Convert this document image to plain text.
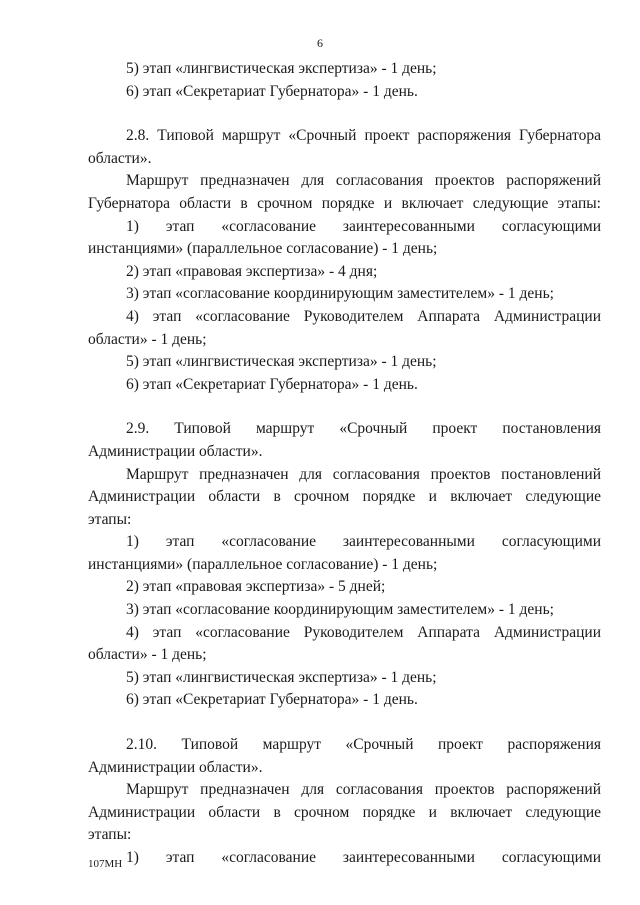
6

5) этап «лингвистическая экспертиза» - 1 день;

6) этап «Секретариат Губернатора» - 1 день.

2.8. Типовой маршрут «Срочный проект распоряжения Губернатора

области».

Маршрут предназначен для согласования проектов распоряжений

Губернатора области в срочном порядке и включает следующие этапы:

1) этап «согласование заинтересованными согласующими

инстанциями» (параллельное согласование) - 1 день;

2) этап «правовая экспертиза» - 4 дня;

3) этап «согласование координирующим заместителем» - 1 день;

4) этап «согласование Руководителем Аппарата Администрации

области» - 1 день;

5) этап «лингвистическая экспертиза» - 1 день;

6) этап «Секретариат Губернатора» - 1 день.

2.9. Типовой маршрут «Срочный проект постановления

Администрации области».

Маршрут предназначен для согласования проектов постановлений

Администрации области в срочном порядке и включает следующие

этапы:

1) этап «согласование заинтересованными согласующими

инстанциями» (параллельное согласование) - 1 день;

2) этап «правовая экспертиза» - 5 дней;

3) этап «согласование координирующим заместителем» - 1 день;

4) этап «согласование Руководителем Аппарата Администрации

области» - 1 день;

5) этап «лингвистическая экспертиза» - 1 день;

6) этап «Секретариат Губернатора» - 1 день.

2.10. Типовой маршрут «Срочный проект распоряжения

Администрации области».

Маршрут предназначен для согласования проектов распоряжений

Администрации области в срочном порядке и включает следующие

этапы:

1) этап «согласование заинтересованными согласующими

107МН
